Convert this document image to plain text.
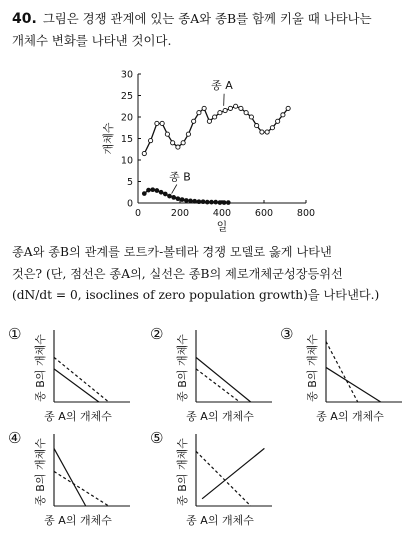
40. 그림은 경쟁 관계에 있는 종A와 종B를 함께 키울 때 나타나는
개체수 변화를 나타낸 것이다.
0
5
10
15
20
25
30
0	200	400	600	800
일
개체수
종 A
종 B
종A와 종B의 관계를 로트카-볼테라 경쟁 모델로 옳게 나타낸
것은? (단, 점선은 종A의, 실선은 종B의 제로개체군성장등위선
(dN/dt = 0, isoclines of zero population growth)을 나타낸다.)
①
종 B의 개체수
종 A의 개체수
②
종 B의 개체수
종 A의 개체수
③
종 B의 개체수
종 A의 개체수
④
종 B의 개체수
종 A의 개체수
⑤
종 B의 개체수
종 A의 개체수
